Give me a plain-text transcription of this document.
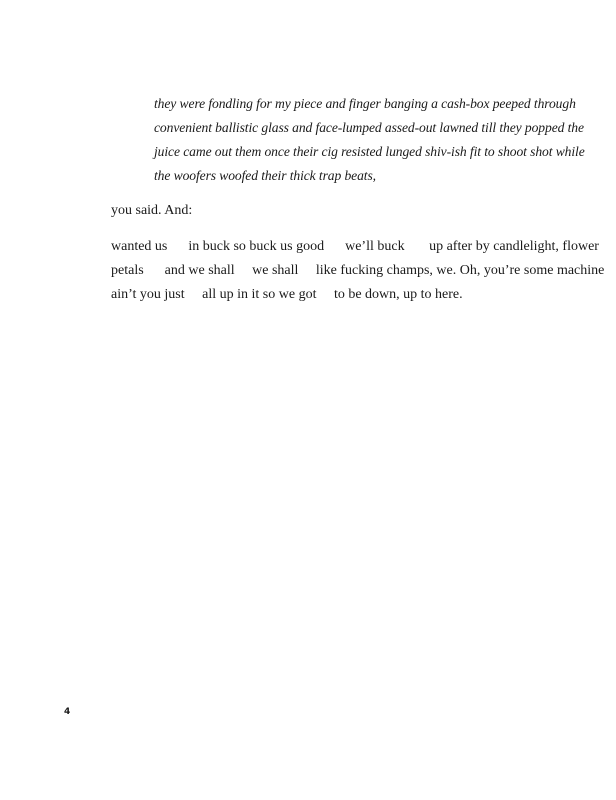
they were fondling for my piece and finger banging a cash-box peeped through
convenient ballistic glass and face-lumped assed-out lawned till they popped the
juice came out them once their cig resisted lunged shiv-ish fit to shoot shot while
the woofers woofed their thick trap beats,
you said. And:
wanted us      in buck so buck us good      we’ll buck       up after by candlelight, flower
petals      and we shall     we shall     like fucking champs, we. Oh, you’re some machine
ain’t you just     all up in it so we got     to be down, up to here.
4
